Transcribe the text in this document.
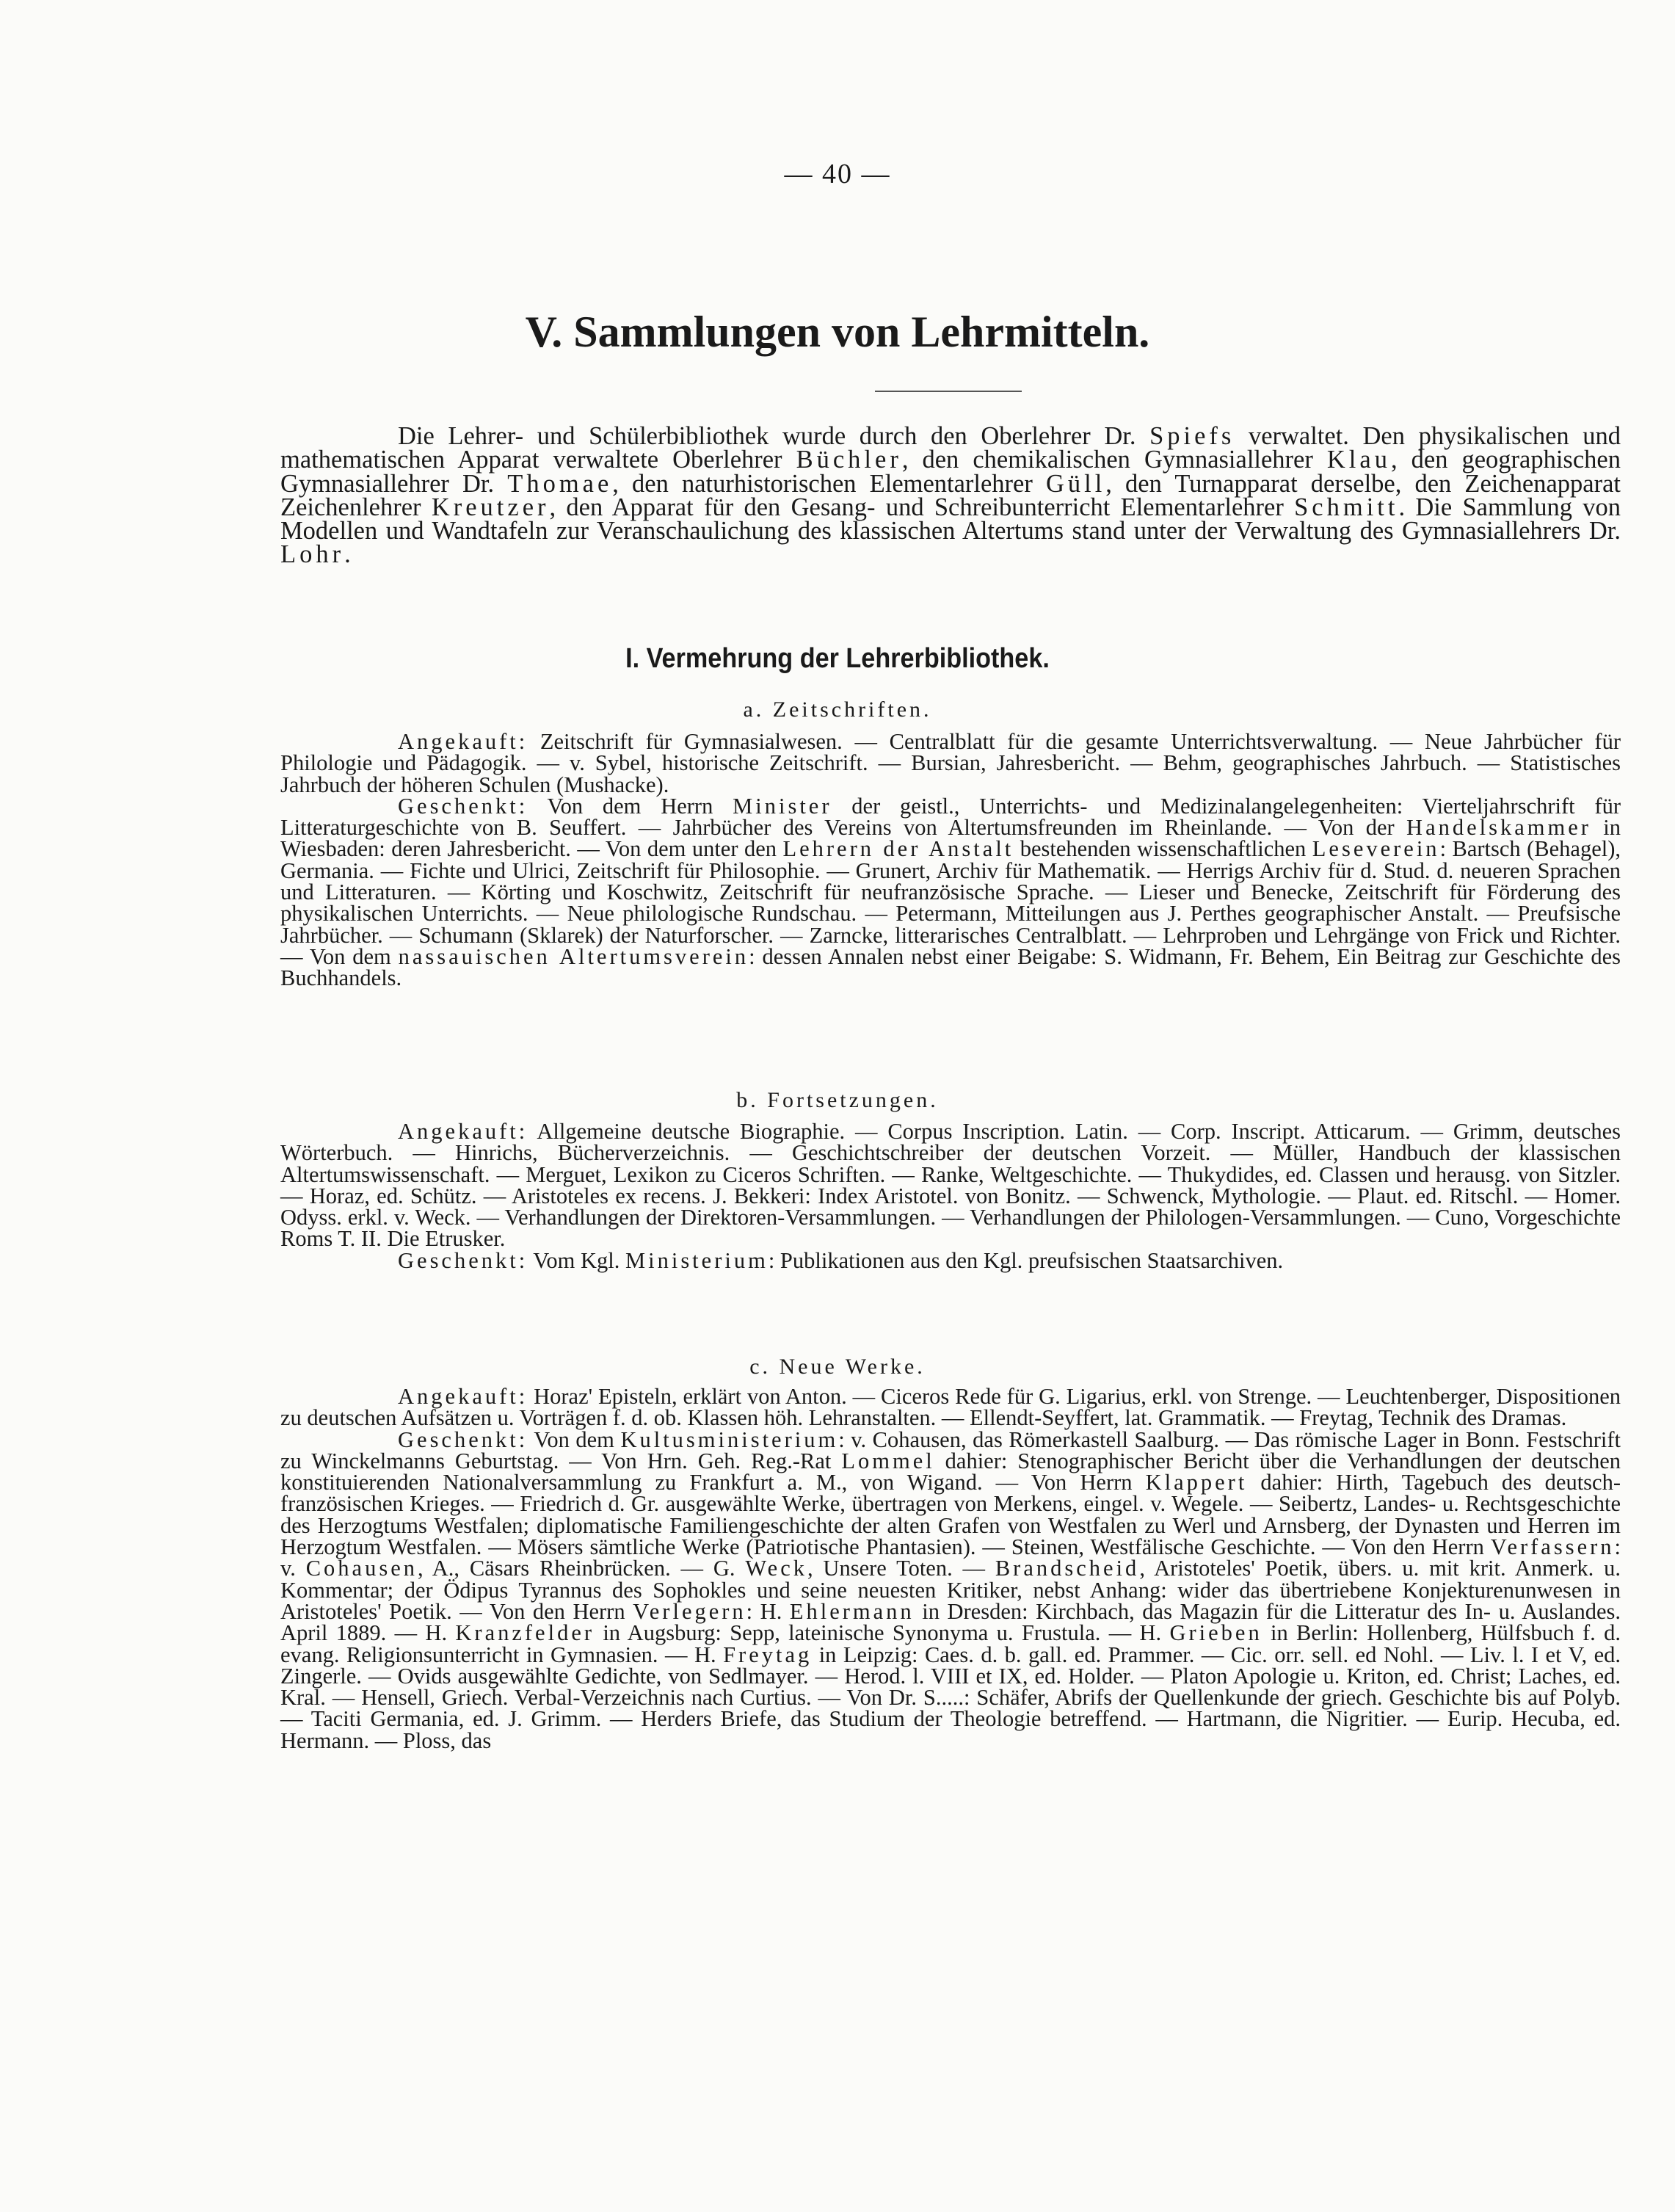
— 40 —
V. Sammlungen von Lehrmitteln.

Die Lehrer- und Schülerbibliothek wurde durch den Oberlehrer Dr. Spiefs verwaltet. Den physikalischen und mathematischen Apparat verwaltete Oberlehrer Büchler, den chemikalischen Gymnasiallehrer Klau, den geographischen Gymnasiallehrer Dr. Thomae, den naturhistorischen Elementarlehrer Güll, den Turnapparat derselbe, den Zeichenapparat Zeichenlehrer Kreutzer, den Apparat für den Gesang- und Schreibunterricht Elementarlehrer Schmitt. Die Sammlung von Modellen und Wandtafeln zur Veranschaulichung des klassischen Altertums stand unter der Verwaltung des Gymnasiallehrers Dr. Lohr.

I. Vermehrung der Lehrerbibliothek.
a. Zeitschriften.

Angekauft: Zeitschrift für Gymnasialwesen. — Centralblatt für die gesamte Unterrichtsverwaltung. — Neue Jahrbücher für Philologie und Pädagogik. — v. Sybel, historische Zeitschrift. — Bursian, Jahresbericht. — Behm, geographisches Jahrbuch. — Statistisches Jahrbuch der höheren Schulen (Mushacke).

Geschenkt: Von dem Herrn Minister der geistl., Unterrichts- und Medizinalangelegenheiten: Vierteljahrschrift für Litteraturgeschichte von B. Seuffert. — Jahrbücher des Vereins von Altertumsfreunden im Rheinlande. — Von der Handelskammer in Wiesbaden: deren Jahresbericht. — Von dem unter den Lehrern der Anstalt bestehenden wissenschaftlichen Leseverein: Bartsch (Behagel), Germania. — Fichte und Ulrici, Zeitschrift für Philosophie. — Grunert, Archiv für Mathematik. — Herrigs Archiv für d. Stud. d. neueren Sprachen und Litteraturen. — Körting und Koschwitz, Zeitschrift für neufranzösische Sprache. — Lieser und Benecke, Zeitschrift für Förderung des physikalischen Unterrichts. — Neue philologische Rundschau. — Petermann, Mitteilungen aus J. Perthes geographischer Anstalt. — Preufsische Jahrbücher. — Schumann (Sklarek) der Naturforscher. — Zarncke, litterarisches Centralblatt. — Lehrproben und Lehrgänge von Frick und Richter. — Von dem nassauischen Altertumsverein: dessen Annalen nebst einer Beigabe: S. Widmann, Fr. Behem, Ein Beitrag zur Geschichte des Buchhandels.

b. Fortsetzungen.

Angekauft: Allgemeine deutsche Biographie. — Corpus Inscription. Latin. — Corp. Inscript. Atticarum. — Grimm, deutsches Wörterbuch. — Hinrichs, Bücherverzeichnis. — Geschichtschreiber der deutschen Vorzeit. — Müller, Handbuch der klassischen Altertumswissenschaft. — Merguet, Lexikon zu Ciceros Schriften. — Ranke, Weltgeschichte. — Thukydides, ed. Classen und herausg. von Sitzler. — Horaz, ed. Schütz. — Aristoteles ex recens. J. Bekkeri: Index Aristotel. von Bonitz. — Schwenck, Mythologie. — Plaut. ed. Ritschl. — Homer. Odyss. erkl. v. Weck. — Verhandlungen der Direktoren-Versammlungen. — Verhandlungen der Philologen-Versammlungen. — Cuno, Vorgeschichte Roms T. II. Die Etrusker.

Geschenkt: Vom Kgl. Ministerium: Publikationen aus den Kgl. preufsischen Staatsarchiven.

c. Neue Werke.

Angekauft: Horaz' Episteln, erklärt von Anton. — Ciceros Rede für G. Ligarius, erkl. von Strenge. — Leuchtenberger, Dispositionen zu deutschen Aufsätzen u. Vorträgen f. d. ob. Klassen höh. Lehranstalten. — Ellendt-Seyffert, lat. Grammatik. — Freytag, Technik des Dramas.

Geschenkt: Von dem Kultusministerium: v. Cohausen, das Römerkastell Saalburg. — Das römische Lager in Bonn. Festschrift zu Winckelmanns Geburtstag. — Von Hrn. Geh. Reg.-Rat Lommel dahier: Stenographischer Bericht über die Verhandlungen der deutschen konstituierenden Nationalversammlung zu Frankfurt a. M., von Wigand. — Von Herrn Klappert dahier: Hirth, Tagebuch des deutsch-französischen Krieges. — Friedrich d. Gr. ausgewählte Werke, übertragen von Merkens, eingel. v. Wegele. — Seibertz, Landes- u. Rechtsgeschichte des Herzogtums Westfalen; diplomatische Familiengeschichte der alten Grafen von Westfalen zu Werl und Arnsberg, der Dynasten und Herren im Herzogtum Westfalen. — Mösers sämtliche Werke (Patriotische Phantasien). — Steinen, Westfälische Geschichte. — Von den Herrn Verfassern: v. Cohausen, A., Cäsars Rheinbrücken. — G. Weck, Unsere Toten. — Brandscheid, Aristoteles' Poetik, übers. u. mit krit. Anmerk. u. Kommentar; der Ödipus Tyrannus des Sophokles und seine neuesten Kritiker, nebst Anhang: wider das übertriebene Konjekturenunwesen in Aristoteles' Poetik. — Von den Herrn Verlegern: H. Ehlermann in Dresden: Kirchbach, das Magazin für die Litteratur des In- u. Auslandes. April 1889. — H. Kranzfelder in Augsburg: Sepp, lateinische Synonyma u. Frustula. — H. Grieben in Berlin: Hollenberg, Hülfsbuch f. d. evang. Religionsunterricht in Gymnasien. — H. Freytag in Leipzig: Caes. d. b. gall. ed. Prammer. — Cic. orr. sell. ed Nohl. — Liv. l. I et V, ed. Zingerle. — Ovids ausgewählte Gedichte, von Sedlmayer. — Herod. l. VIII et IX, ed. Holder. — Platon Apologie u. Kriton, ed. Christ; Laches, ed. Kral. — Hensell, Griech. Verbal-Verzeichnis nach Curtius. — Von Dr. S.....: Schäfer, Abrifs der Quellenkunde der griech. Geschichte bis auf Polyb. — Taciti Germania, ed. J. Grimm. — Herders Briefe, das Studium der Theologie betreffend. — Hartmann, die Nigritier. — Eurip. Hecuba, ed. Hermann. — Ploss, das
